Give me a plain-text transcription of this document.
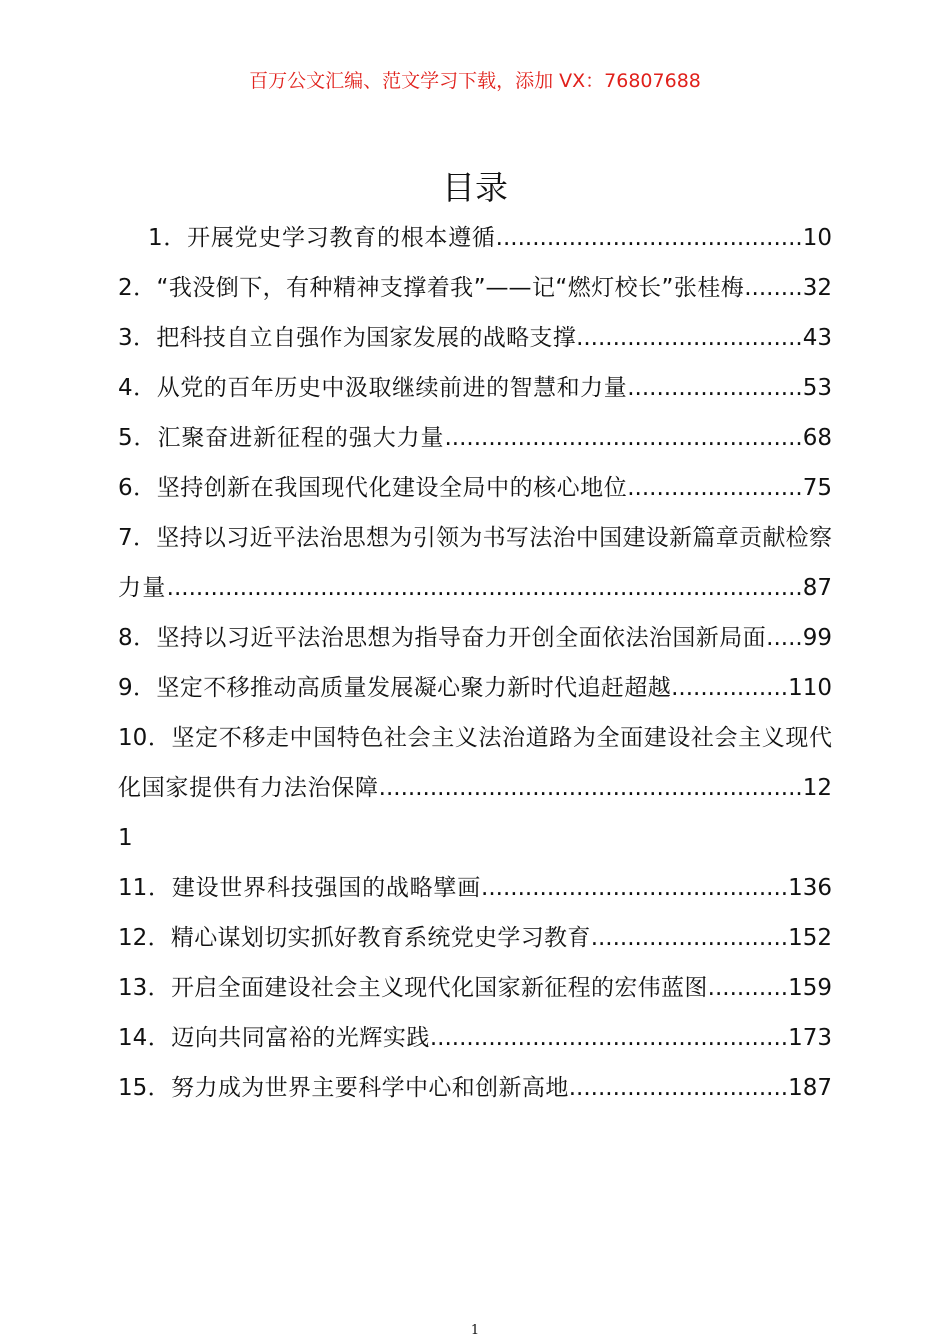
百万公文汇编、范文学习下载，添加 VX：76807688
目录
1．开展党史学习教育的根本遵循..........................................10
2．“我没倒下，有种精神支撑着我”——记“燃灯校长”张桂梅........32
3．把科技自立自强作为国家发展的战略支撑...............................43
4．从党的百年历史中汲取继续前进的智慧和力量........................53
5．汇聚奋进新征程的强大力量.................................................68
6．坚持创新在我国现代化建设全局中的核心地位........................75
7．坚持以习近平法治思想为引领为书写法治中国建设新篇章贡献检察力量.......................................................................................87
8．坚持以习近平法治思想为指导奋力开创全面依法治国新局面.....99
9．坚定不移推动高质量发展凝心聚力新时代追赶超越................110
10．坚定不移走中国特色社会主义法治道路为全面建设社会主义现代化国家提供有力法治保障..........................................................121
11．建设世界科技强国的战略擘画..........................................136
12．精心谋划切实抓好教育系统党史学习教育...........................152
13．开启全面建设社会主义现代化国家新征程的宏伟蓝图...........159
14．迈向共同富裕的光辉实践.................................................173
15．努力成为世界主要科学中心和创新高地..............................187
1
